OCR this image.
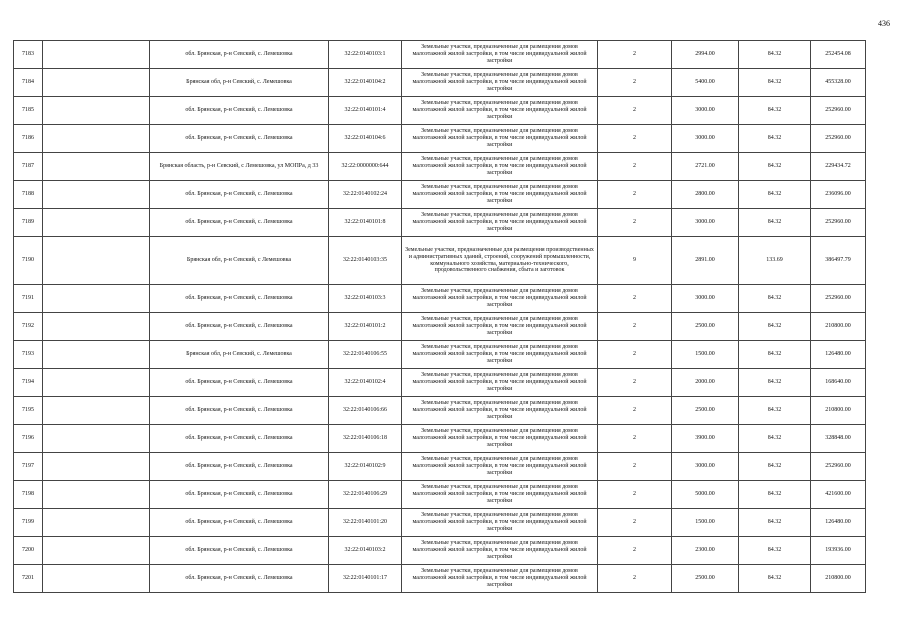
436
7183		обл. Брянская, р-н Севский, с. Лемешовка	32:22:0140103:1	Земельные участки, предназначенные для размещения домов малоэтажной жилой застройки, в том числе индивидуальной жилой застройки	2	2994.00	84.32	252454.08
7184		Брянская обл, р-н Севский, с. Лемешовка	32:22:0140104:2	Земельные участки, предназначенные для размещения домов малоэтажной жилой застройки, в том числе индивидуальной жилой застройки	2	5400.00	84.32	455328.00
7185		обл. Брянская, р-н Севский, с. Лемешовка	32:22:0140101:4	Земельные участки, предназначенные для размещения домов малоэтажной жилой застройки, в том числе индивидуальной жилой застройки	2	3000.00	84.32	252960.00
7186		обл. Брянская, р-н Севский, с. Лемешовка	32:22:0140104:6	Земельные участки, предназначенные для размещения домов малоэтажной жилой застройки, в том числе индивидуальной жилой застройки	2	3000.00	84.32	252960.00
7187		Брянская область, р-н Севский, с Лемешовка, ул МОПРа, д 33	32:22:0000000:644	Земельные участки, предназначенные для размещения домов малоэтажной жилой застройки, в том числе индивидуальной жилой застройки	2	2721.00	84.32	229434.72
7188		обл. Брянская, р-н Севский, с. Лемешовка	32:22:0140102:24	Земельные участки, предназначенные для размещения домов малоэтажной жилой застройки, в том числе индивидуальной жилой застройки	2	2800.00	84.32	236096.00
7189		обл. Брянская, р-н Севский, с. Лемешовка	32:22:0140101:8	Земельные участки, предназначенные для размещения домов малоэтажной жилой застройки, в том числе индивидуальной жилой застройки	2	3000.00	84.32	252960.00
7190		Брянская обл, р-н Севский, с Лемешовка	32:22:0140103:35	Земельные участки, предназначенные для размещения производственных и административных зданий, строений, сооружений промышленности, коммунального хозяйства, материально-технического, продовольственного снабжения, сбыта и заготовок	9	2891.00	133.69	386497.79
7191		обл. Брянская, р-н Севский, с. Лемешовка	32:22:0140103:3	Земельные участки, предназначенные для размещения домов малоэтажной жилой застройки, в том числе индивидуальной жилой застройки	2	3000.00	84.32	252960.00
7192		обл. Брянская, р-н Севский, с. Лемешовка	32:22:0140101:2	Земельные участки, предназначенные для размещения домов малоэтажной жилой застройки, в том числе индивидуальной жилой застройки	2	2500.00	84.32	210800.00
7193		Брянская обл, р-н Севский, с. Лемешовка	32:22:0140106:55	Земельные участки, предназначенные для размещения домов малоэтажной жилой застройки, в том числе индивидуальной жилой застройки	2	1500.00	84.32	126480.00
7194		обл. Брянская, р-н Севский, с. Лемешовка	32:22:0140102:4	Земельные участки, предназначенные для размещения домов малоэтажной жилой застройки, в том числе индивидуальной жилой застройки	2	2000.00	84.32	168640.00
7195		обл. Брянская, р-н Севский, с. Лемешовка	32:22:0140106:66	Земельные участки, предназначенные для размещения домов малоэтажной жилой застройки, в том числе индивидуальной жилой застройки	2	2500.00	84.32	210800.00
7196		обл. Брянская, р-н Севский, с. Лемешовка	32:22:0140106:18	Земельные участки, предназначенные для размещения домов малоэтажной жилой застройки, в том числе индивидуальной жилой застройки	2	3900.00	84.32	328848.00
7197		обл. Брянская, р-н Севский, с. Лемешовка	32:22:0140102:9	Земельные участки, предназначенные для размещения домов малоэтажной жилой застройки, в том числе индивидуальной жилой застройки	2	3000.00	84.32	252960.00
7198		обл. Брянская, р-н Севский, с. Лемешовка	32:22:0140106:29	Земельные участки, предназначенные для размещения домов малоэтажной жилой застройки, в том числе индивидуальной жилой застройки	2	5000.00	84.32	421600.00
7199		обл. Брянская, р-н Севский, с. Лемешовка	32:22:0140101:20	Земельные участки, предназначенные для размещения домов малоэтажной жилой застройки, в том числе индивидуальной жилой застройки	2	1500.00	84.32	126480.00
7200		обл. Брянская, р-н Севский, с. Лемешовка	32:22:0140103:2	Земельные участки, предназначенные для размещения домов малоэтажной жилой застройки, в том числе индивидуальной жилой застройки	2	2300.00	84.32	193936.00
7201		обл. Брянская, р-н Севский, с. Лемешовка	32:22:0140101:17	Земельные участки, предназначенные для размещения домов малоэтажной жилой застройки, в том числе индивидуальной жилой застройки	2	2500.00	84.32	210800.00
